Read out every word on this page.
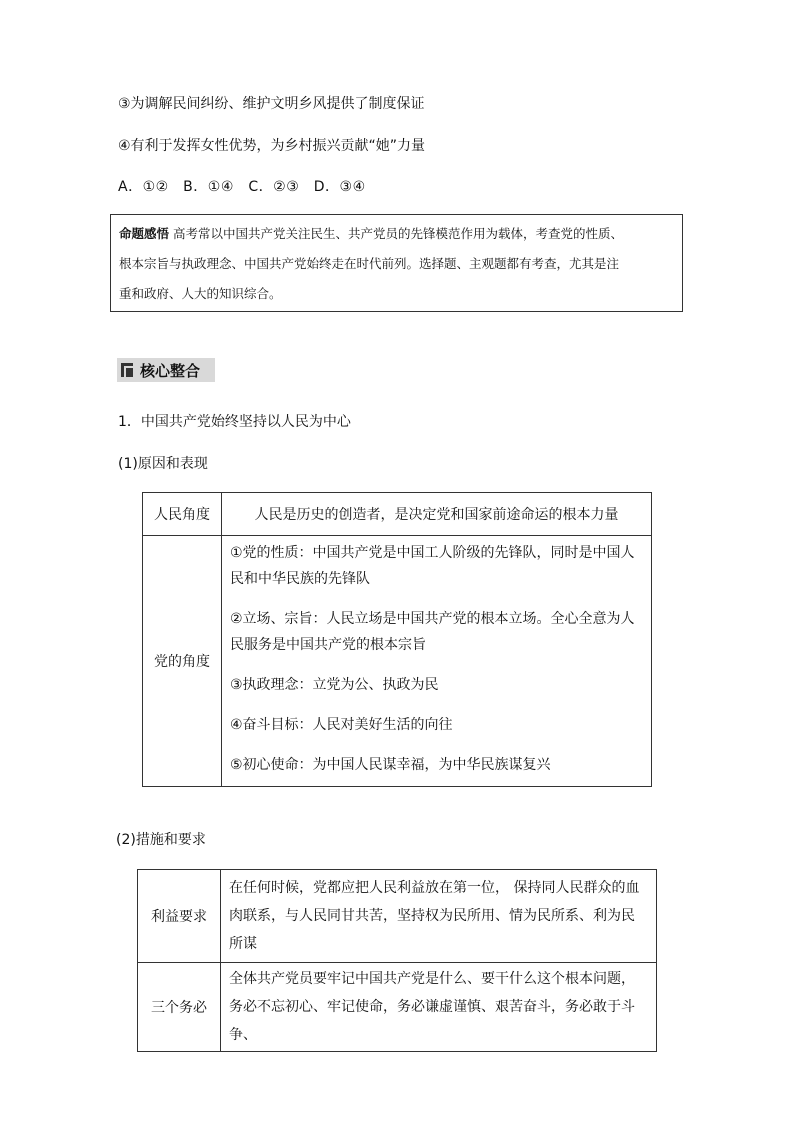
③为调解民间纠纷、维护文明乡风提供了制度保证
④有利于发挥女性优势，为乡村振兴贡献“她”力量
A．①②　B．①④　C．②③　D．③④
命题感悟 高考常以中国共产党关注民生、共产党员的先锋模范作用为载体，考查党的性质、
根本宗旨与执政理念、中国共产党始终走在时代前列。选择题、主观题都有考查，尤其是注
重和政府、人大的知识综合。
核心整合
1．中国共产党始终坚持以人民为中心
(1)原因和表现
人民角度	人民是历史的创造者，是决定党和国家前途命运的根本力量
党的角度	①党的性质：中国共产党是中国工人阶级的先锋队，同时是中国人民和中华民族的先锋队

②立场、宗旨：人民立场是中国共产党的根本立场。全心全意为人民服务是中国共产党的根本宗旨

③执政理念：立党为公、执政为民

④奋斗目标：人民对美好生活的向往

⑤初心使命：为中国人民谋幸福，为中华民族谋复兴

(2)措施和要求
利益要求	在任何时候，党都应把人民利益放在第一位， 保持同人民群众的血肉联系，与人民同甘共苦，坚持权为民所用、情为民所系、利为民所谋
三个务必	全体共产党员要牢记中国共产党是什么、要干什么这个根本问题，务必不忘初心、牢记使命，务必谦虚谨慎、艰苦奋斗，务必敢于斗争、
